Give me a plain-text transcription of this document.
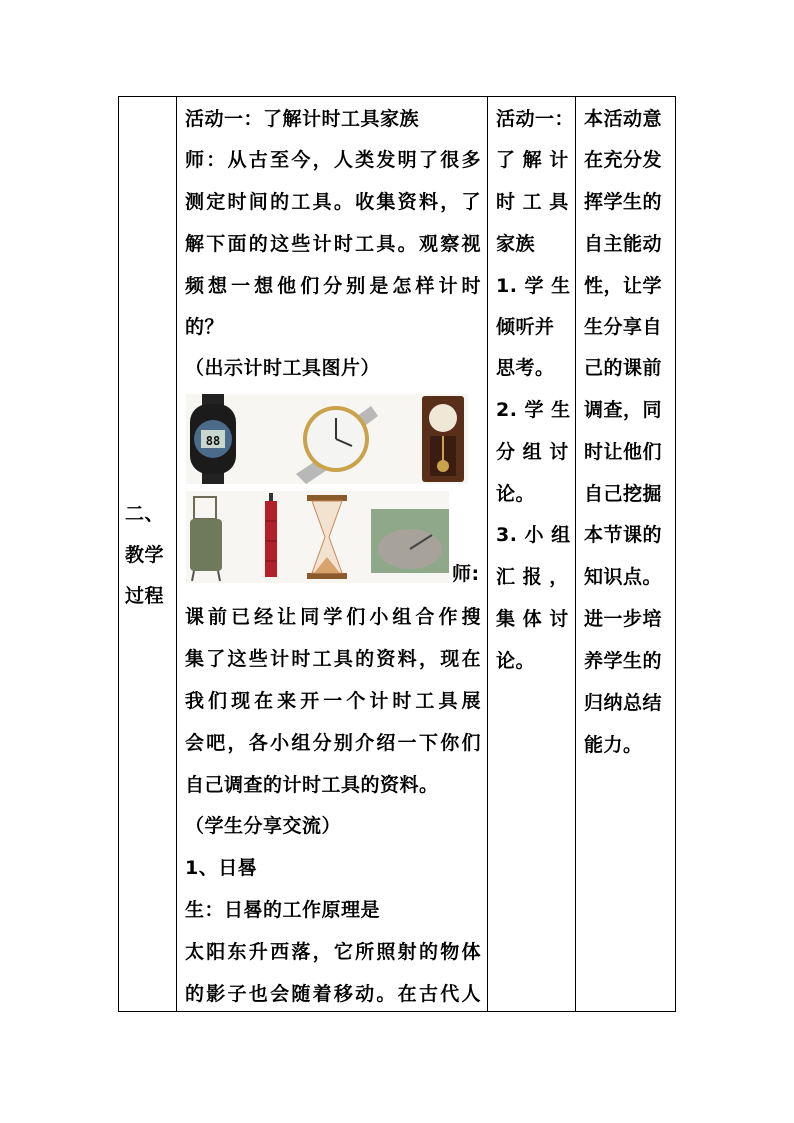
二、
教学
过程
活动一：了解计时工具家族
师：从古至今，人类发明了很多
测定时间的工具。收集资料，了
解下面的这些计时工具。观察视
频想一想他们分别是怎样计时
的？
（出示计时工具图片）
师:
课前已经让同学们小组合作搜
集了这些计时工具的资料，现在
我们现在来开一个计时工具展
会吧，各小组分别介绍一下你们
自己调查的计时工具的资料。
（学生分享交流）
1、日晷
生：日晷的工作原理是
太阳东升西落，它所照射的物体
的影子也会随着移动。在古代人
88
活动一：
了 解 计
时 工 具
家族
1. 学 生
倾听并
思考。
2. 学 生
分 组 讨
论。
3. 小 组
汇 报 ，
集 体 讨
论。
本活动意
在充分发
挥学生的
自主能动
性，让学
生分享自
己的课前
调查，同
时让他们
自己挖掘
本节课的
知识点。
进一步培
养学生的
归纳总结
能力。
